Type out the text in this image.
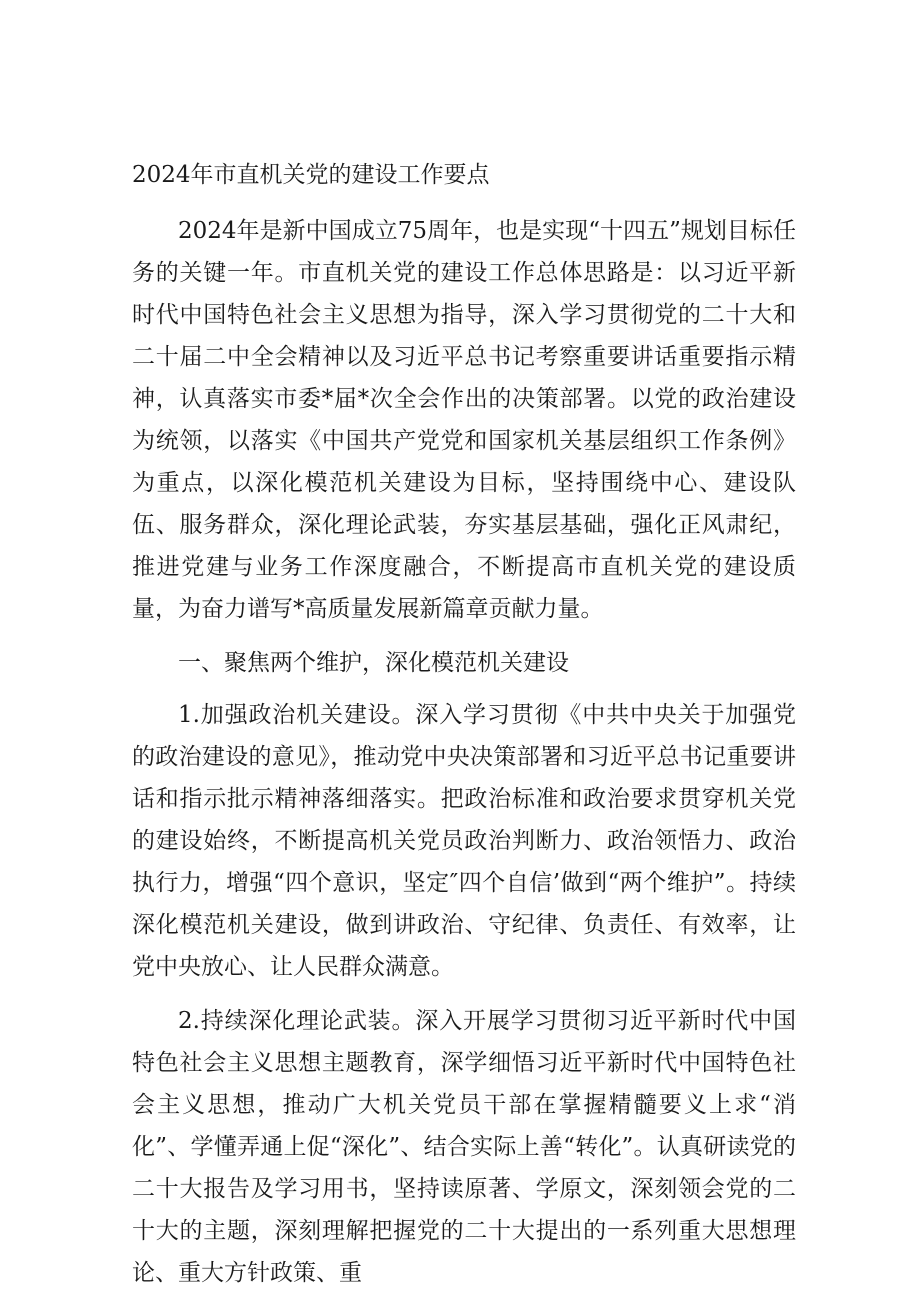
2024年市直机关党的建设工作要点

2024年是新中国成立75周年，也是实现“十四五”规划目标任务的关键一年。市直机关党的建设工作总体思路是：以习近平新时代中国特色社会主义思想为指导，深入学习贯彻党的二十大和二十届二中全会精神以及习近平总书记考察重要讲话重要指示精神，认真落实市委*届*次全会作出的决策部署。以党的政治建设为统领，以落实《中国共产党党和国家机关基层组织工作条例》为重点，以深化模范机关建设为目标，坚持围绕中心、建设队伍、服务群众，深化理论武装，夯实基层基础，强化正风肃纪，推进党建与业务工作深度融合，不断提高市直机关党的建设质量，为奋力谱写*高质量发展新篇章贡献力量。

一、聚焦两个维护，深化模范机关建设

1.加强政治机关建设。深入学习贯彻《中共中央关于加强党的政治建设的意见》，推动党中央决策部署和习近平总书记重要讲话和指示批示精神落细落实。把政治标准和政治要求贯穿机关党的建设始终，不断提高机关党员政治判断力、政治领悟力、政治执行力，增强“四个意识，坚定″四个自信’做到“两个维护”。持续深化模范机关建设，做到讲政治、守纪律、负责任、有效率，让党中央放心、让人民群众满意。

2.持续深化理论武装。深入开展学习贯彻习近平新时代中国特色社会主义思想主题教育，深学细悟习近平新时代中国特色社会主义思想，推动广大机关党员干部在掌握精髓要义上求“消化”、学懂弄通上促“深化”、结合实际上善“转化”。认真研读党的二十大报告及学习用书，坚持读原著、学原文，深刻领会党的二十大的主题，深刻理解把握党的二十大提出的一系列重大思想理论、重大方针政策、重
